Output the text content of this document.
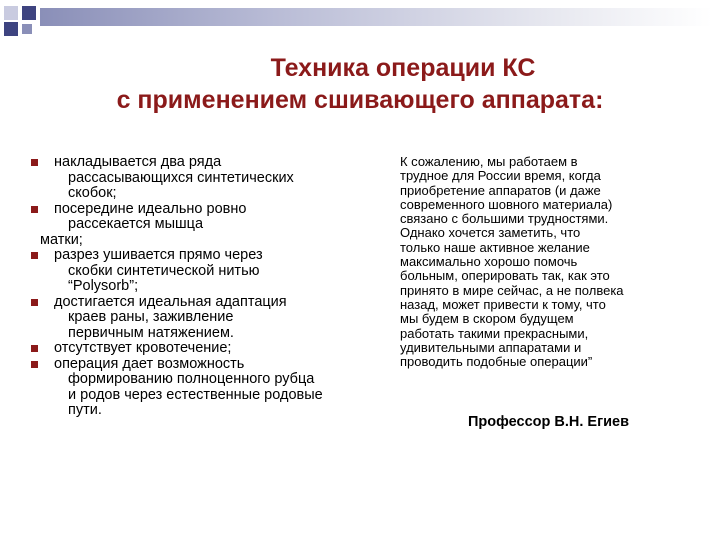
Техника операции КС
с применением сшивающего аппарата:
накладывается два ряда
рассасывающихся синтетических скобок;
посередине идеально ровно
рассекается мышца
матки;
разрез ушивается прямо через
скобки синтетической нитью “Polysorb”;
достигается идеальная адаптация
краев раны, заживление первичным натяжением.
отсутствует кровотечение;
операция дает возможность
формированию полноценного рубца и родов через естественные родовые пути.
К сожалению, мы работаем в
трудное для России время, когда
приобретение аппаратов (и даже
современного шовного материала)
связано с большими трудностями.
Однако хочется заметить, что
только наше активное желание
максимально хорошо помочь
больным, оперировать так, как это
принято в мире сейчас, а не полвека
назад, может привести к тому, что
мы будем в скором будущем
работать такими прекрасными,
удивительными аппаратами и
проводить подобные операции”
Профессор В.Н. Егиев
